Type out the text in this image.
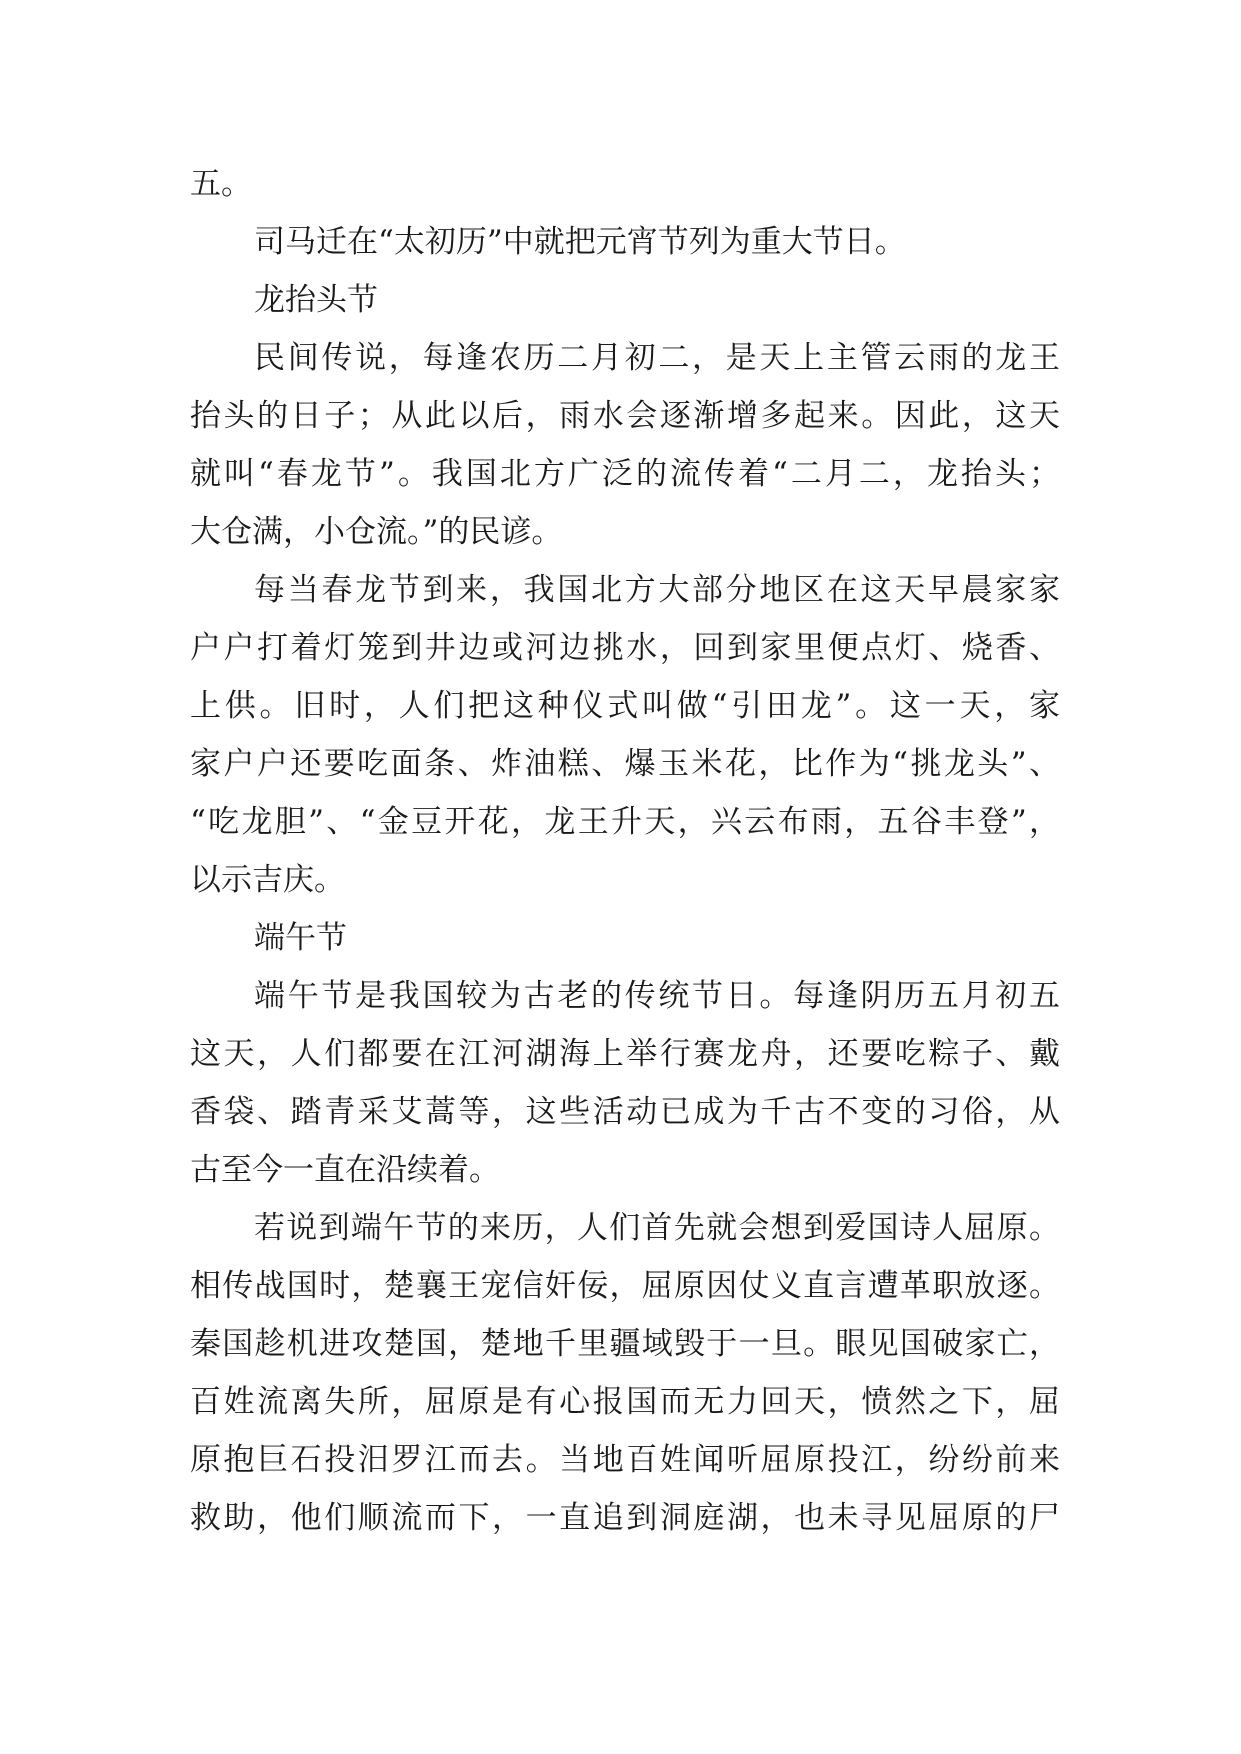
五。
司马迁在“太初历”中就把元宵节列为重大节日。
龙抬头节
民间传说，每逢农历二月初二，是天上主管云雨的龙王
抬头的日子；从此以后，雨水会逐渐增多起来。因此，这天
就叫“春龙节”。我国北方广泛的流传着“二月二，龙抬头；
大仓满，小仓流。”的民谚。
每当春龙节到来，我国北方大部分地区在这天早晨家家
户户打着灯笼到井边或河边挑水，回到家里便点灯、烧香、
上供。旧时，人们把这种仪式叫做“引田龙”。这一天，家
家户户还要吃面条、炸油糕、爆玉米花，比作为“挑龙头”、
“吃龙胆”、“金豆开花，龙王升天，兴云布雨，五谷丰登”，
以示吉庆。
端午节
端午节是我国较为古老的传统节日。每逢阴历五月初五
这天，人们都要在江河湖海上举行赛龙舟，还要吃粽子、戴
香袋、踏青采艾蒿等，这些活动已成为千古不变的习俗，从
古至今一直在沿续着。
若说到端午节的来历，人们首先就会想到爱国诗人屈原。
相传战国时，楚襄王宠信奸佞，屈原因仗义直言遭革职放逐。
秦国趁机进攻楚国，楚地千里疆域毁于一旦。眼见国破家亡，
百姓流离失所，屈原是有心报国而无力回天，愤然之下，屈
原抱巨石投汨罗江而去。当地百姓闻听屈原投江，纷纷前来
救助，他们顺流而下，一直追到洞庭湖，也未寻见屈原的尸
